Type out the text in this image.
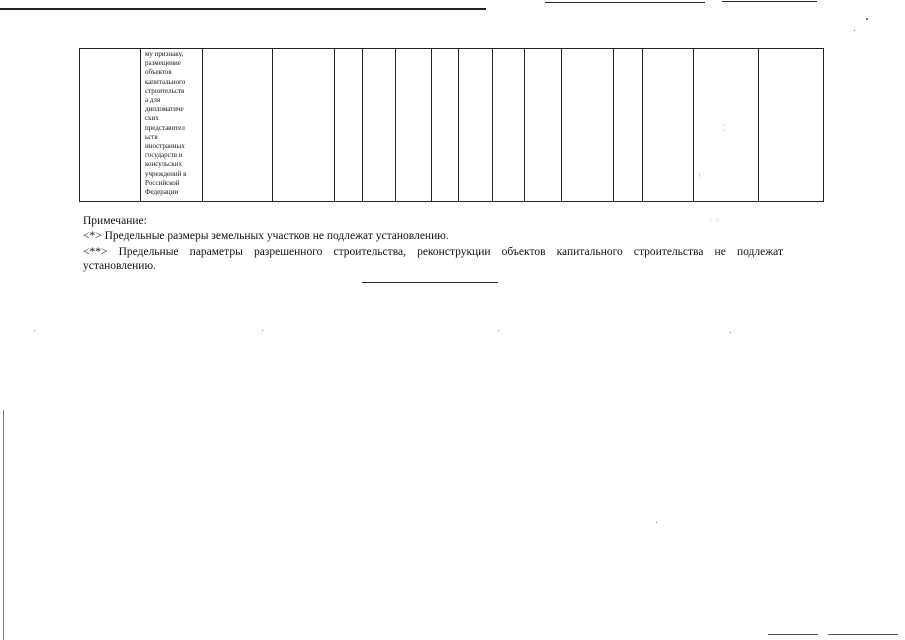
⁖⁘
⁝
⁚

му признаку,
размещение
объектов
капитального
строительств
а для
дипломатиче
ских
представител
ьств
иностранных
государств и
консульских
учреждений в
Российской
Федерации

Примечание:
<*> Предельные размеры земельных участков не подлежат установлению.
<**> Предельные параметры разрешенного строительства, реконструкции объектов капитального строительства не подлежат
установлению.
